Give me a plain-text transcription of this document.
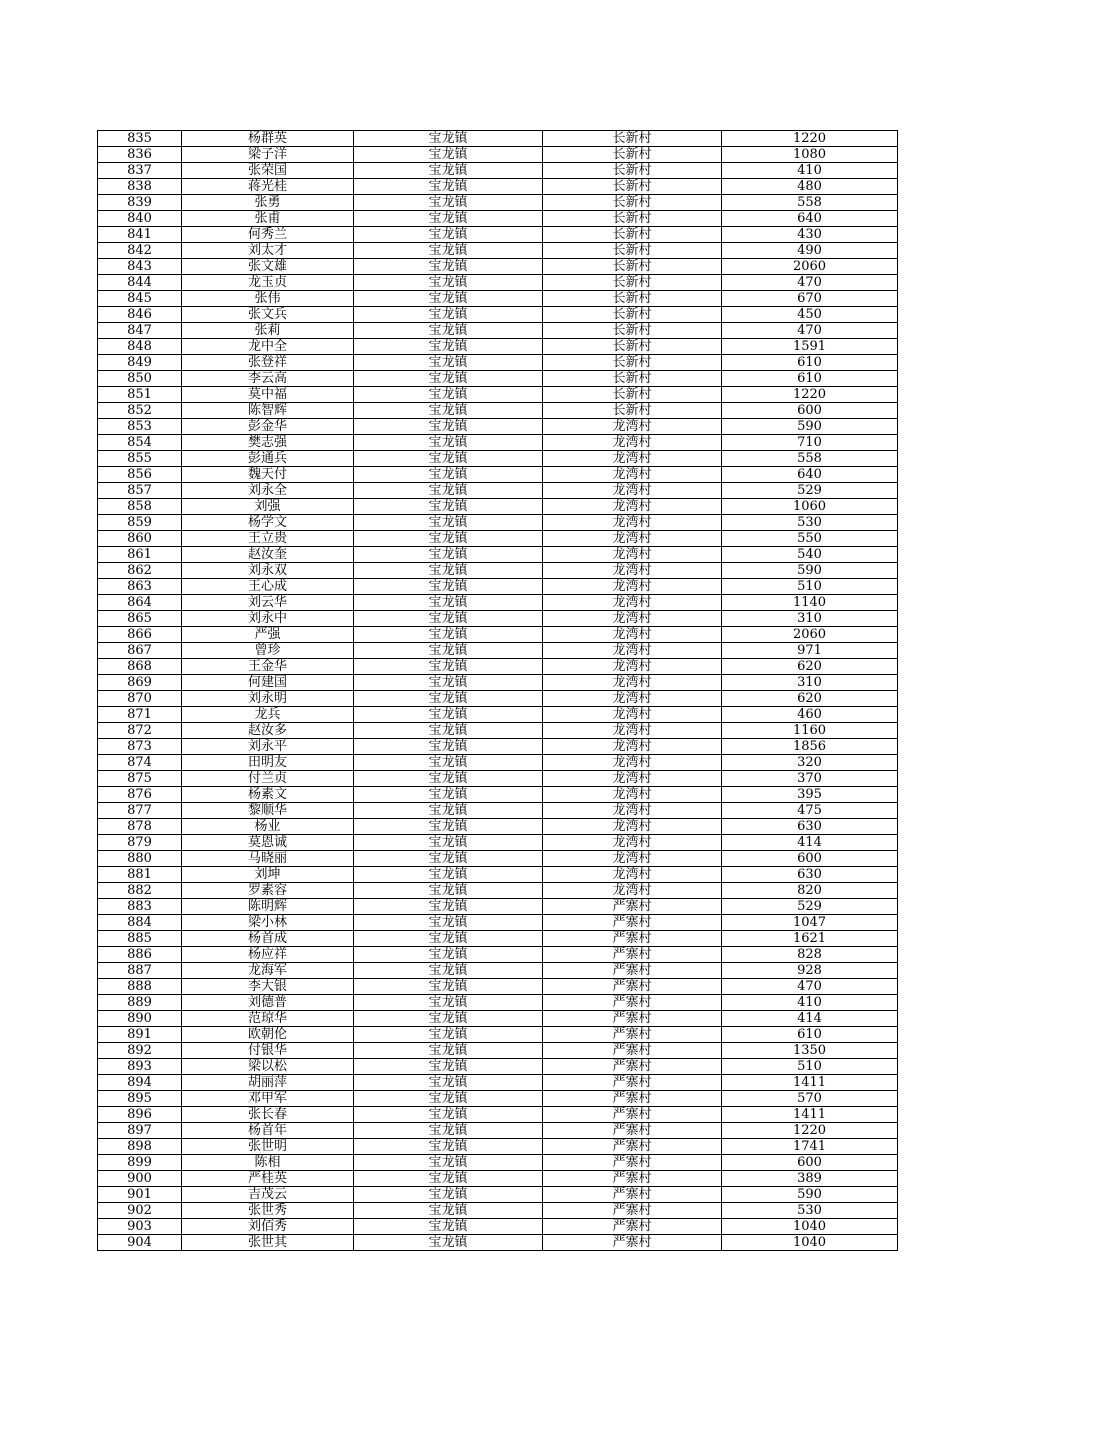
835	杨群英	宝龙镇	长新村	1220
836	梁子洋	宝龙镇	长新村	1080
837	张荣国	宝龙镇	长新村	410
838	蒋光桂	宝龙镇	长新村	480
839	张勇	宝龙镇	长新村	558
840	张甫	宝龙镇	长新村	640
841	何秀兰	宝龙镇	长新村	430
842	刘太才	宝龙镇	长新村	490
843	张文雄	宝龙镇	长新村	2060
844	龙玉贞	宝龙镇	长新村	470
845	张伟	宝龙镇	长新村	670
846	张文兵	宝龙镇	长新村	450
847	张莉	宝龙镇	长新村	470
848	龙中全	宝龙镇	长新村	1591
849	张登祥	宝龙镇	长新村	610
850	李云高	宝龙镇	长新村	610
851	莫中福	宝龙镇	长新村	1220
852	陈智辉	宝龙镇	长新村	600
853	彭金华	宝龙镇	龙湾村	590
854	樊志强	宝龙镇	龙湾村	710
855	彭通兵	宝龙镇	龙湾村	558
856	魏天付	宝龙镇	龙湾村	640
857	刘永全	宝龙镇	龙湾村	529
858	刘强	宝龙镇	龙湾村	1060
859	杨学文	宝龙镇	龙湾村	530
860	王立贵	宝龙镇	龙湾村	550
861	赵汝奎	宝龙镇	龙湾村	540
862	刘永双	宝龙镇	龙湾村	590
863	王心成	宝龙镇	龙湾村	510
864	刘云华	宝龙镇	龙湾村	1140
865	刘永中	宝龙镇	龙湾村	310
866	严强	宝龙镇	龙湾村	2060
867	曾珍	宝龙镇	龙湾村	971
868	王金华	宝龙镇	龙湾村	620
869	何建国	宝龙镇	龙湾村	310
870	刘永明	宝龙镇	龙湾村	620
871	龙兵	宝龙镇	龙湾村	460
872	赵汝多	宝龙镇	龙湾村	1160
873	刘永平	宝龙镇	龙湾村	1856
874	田明友	宝龙镇	龙湾村	320
875	付兰贞	宝龙镇	龙湾村	370
876	杨素文	宝龙镇	龙湾村	395
877	黎顺华	宝龙镇	龙湾村	475
878	杨业	宝龙镇	龙湾村	630
879	莫恩诚	宝龙镇	龙湾村	414
880	马晓丽	宝龙镇	龙湾村	600
881	刘坤	宝龙镇	龙湾村	630
882	罗素容	宝龙镇	龙湾村	820
883	陈明辉	宝龙镇	严寨村	529
884	梁小林	宝龙镇	严寨村	1047
885	杨首成	宝龙镇	严寨村	1621
886	杨应祥	宝龙镇	严寨村	828
887	龙海军	宝龙镇	严寨村	928
888	李大银	宝龙镇	严寨村	470
889	刘德普	宝龙镇	严寨村	410
890	范琼华	宝龙镇	严寨村	414
891	欧朝伦	宝龙镇	严寨村	610
892	付银华	宝龙镇	严寨村	1350
893	梁以松	宝龙镇	严寨村	510
894	胡丽萍	宝龙镇	严寨村	1411
895	邓甲军	宝龙镇	严寨村	570
896	张长春	宝龙镇	严寨村	1411
897	杨首年	宝龙镇	严寨村	1220
898	张世明	宝龙镇	严寨村	1741
899	陈相	宝龙镇	严寨村	600
900	严桂英	宝龙镇	严寨村	389
901	吉茂云	宝龙镇	严寨村	590
902	张世秀	宝龙镇	严寨村	530
903	刘佰秀	宝龙镇	严寨村	1040
904	张世其	宝龙镇	严寨村	1040
